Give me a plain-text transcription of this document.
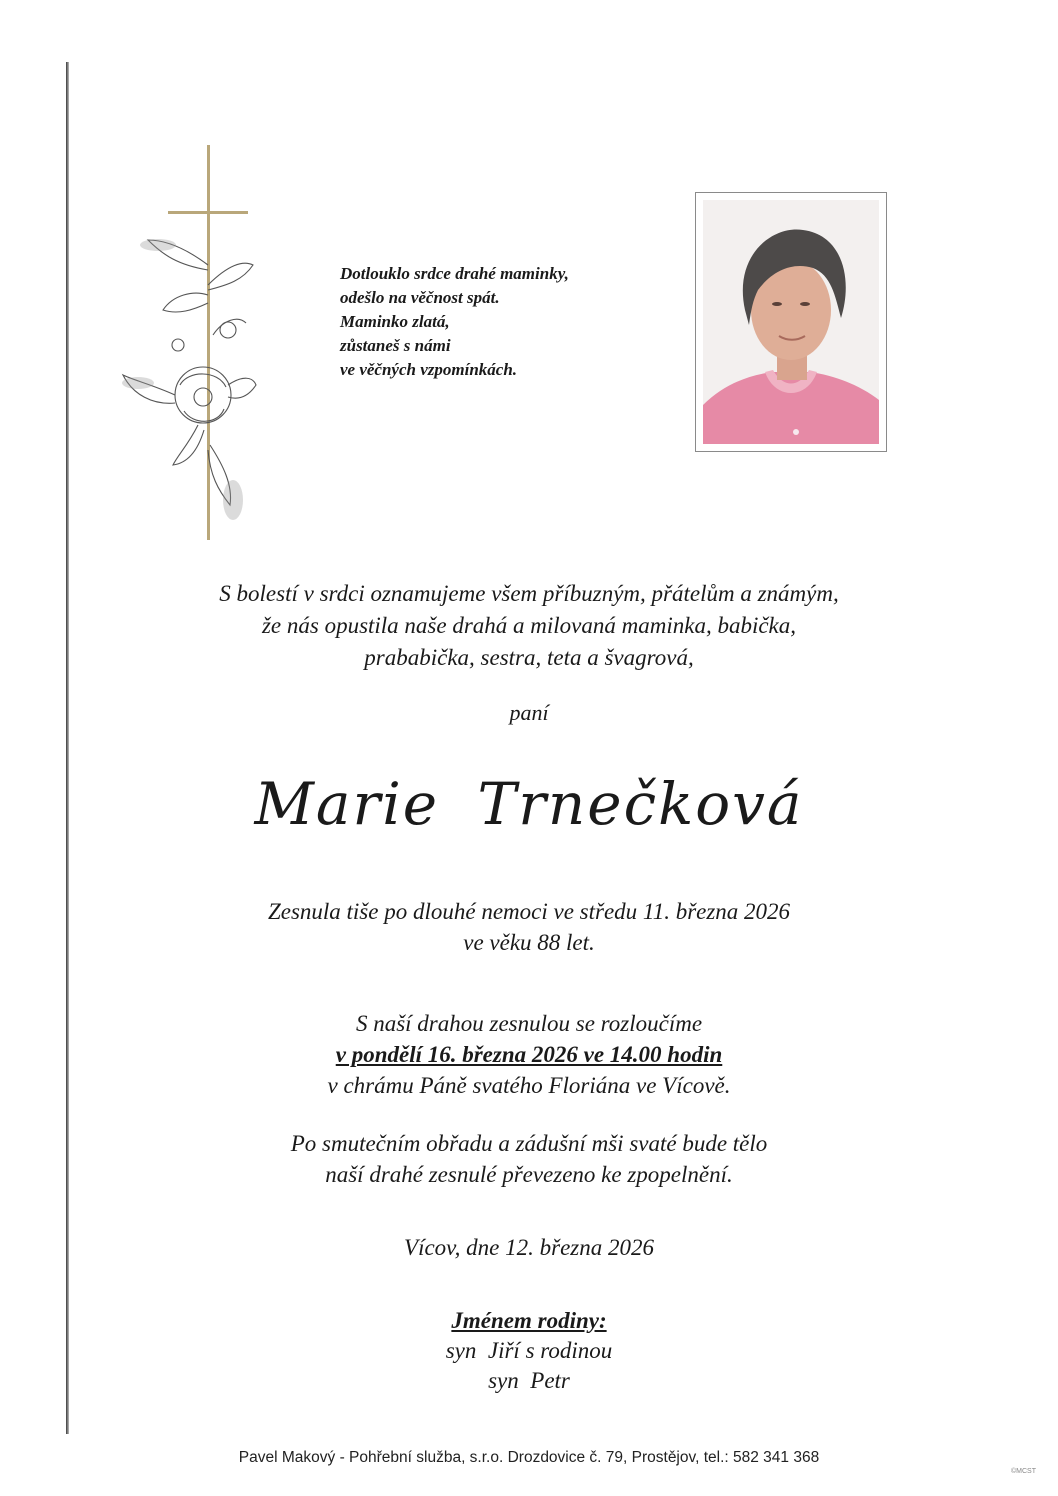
Dotlouklo srdce drahé maminky,
odešlo na věčnost spát.
Maminko zlatá,
zůstaneš s námi
ve věčných vzpomínkách.
S bolestí v srdci oznamujeme všem příbuzným, přátelům a známým,
že nás opustila naše drahá a milovaná maminka, babička,
prababička, sestra, teta a švagrová,
paní
Marie Trnečková
Zesnula tiše po dlouhé nemoci ve středu 11. března 2026
ve věku 88 let.
S naší drahou zesnulou se rozloučíme
v pondělí 16. března 2026 ve 14.00 hodin
v chrámu Páně svatého Floriána ve Vícově.
Po smutečním obřadu a zádušní mši svaté bude tělo
naší drahé zesnulé převezeno ke zpopelnění.
Vícov, dne 12. března 2026
Jménem rodiny:
syn  Jiří s rodinou
syn  Petr
Pavel Makový - Pohřební služba, s.r.o. Drozdovice č. 79, Prostějov, tel.: 582 341 368
©MCST
